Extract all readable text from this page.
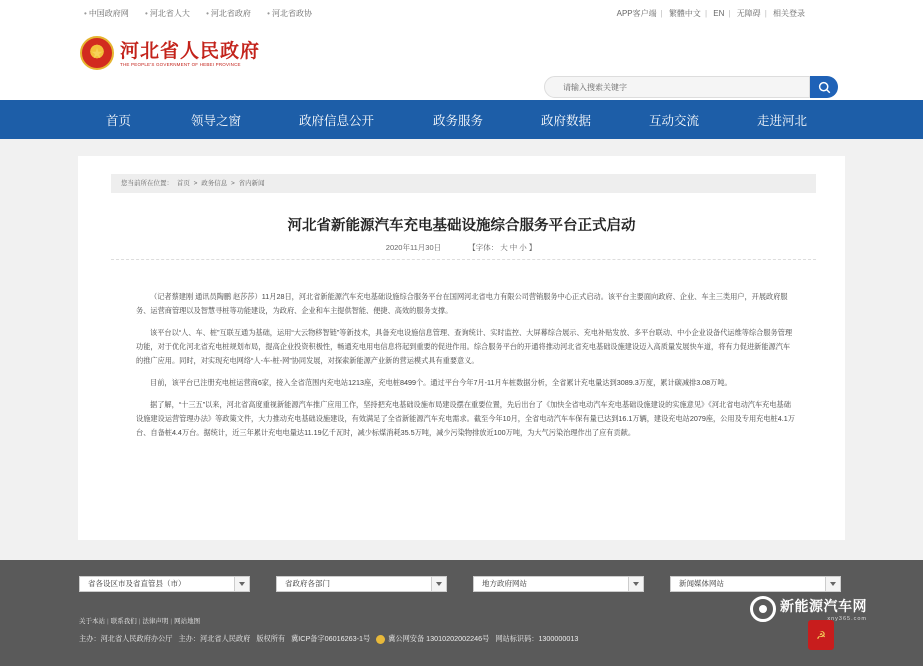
• 中国政府网	• 河北省人大	• 河北省政府	• 河北省政协	APP客户端 | 繁體中文 | EN | 无障碍 | 相关登录
★ 河北省人民政府
THE PEOPLE'S GOVERNMENT OF HEBEI PROVINCE
请输入搜索关键字
首页	领导之窗	政府信息公开	政务服务	政府数据	互动交流	走进河北
您当前所在位置： 首页 > 政务信息 > 省内新闻
河北省新能源汽车充电基础设施综合服务平台正式启动
2020年11月30日	【字体： 大 中 小 】

（记者蔡建刚 通讯员陶鹏 赵莎莎）11月28日，河北省新能源汽车充电基础设施综合服务平台在国网河北省电力有限公司营销服务中心正式启动。该平台主要面向政府、企业、车主三类用户，开展政府服务、运营商管理以及智慧寻桩等功能建设，为政府、企业和车主提供智能、便捷、高效的服务支撑。

该平台以“人、车、桩”互联互通为基础，运用“大云物移智链”等新技术，具备充电设施信息管理、查询统计、实时监控、大屏幕综合展示、充电补贴发放、多平台联动、中小企业设备代运维等综合服务管理功能，对于优化河北省充电桩规划布局，提高企业投资积极性，畅通充电用电信息将起到重要的促进作用。综合服务平台的开通将推动河北省充电基础设施建设迈入高质量发展快车道，将有力促进新能源汽车的推广应用。同时，对实现充电网络“人-车-桩-网”协同发展，对探索新能源产业新的营运模式具有重要意义。

目前，该平台已注册充电桩运营商6家，接入全省范围内充电站1213座，充电桩8499个。通过平台今年7月-11月车桩数据分析，全省累计充电量达到3089.3万度，累计碳减排3.08万吨。

据了解，“十三五”以来，河北省高度重视新能源汽车推广应用工作，坚持把充电基础设施布局建设摆在重要位置，先后出台了《加快全省电动汽车充电基础设施建设的实施意见》《河北省电动汽车充电基础设施建设运营管理办法》等政策文件，大力推动充电基础设施建设，有效满足了全省新能源汽车充电需求。截至今年10月，全省电动汽车车保有量已达到16.1万辆，建设充电站2079座，公用及专用充电桩4.1万台、自备桩4.4万台。据统计，近三年累计充电电量达11.19亿千瓦时，减少标煤消耗35.5万吨，减少污染物排放近100万吨，为大气污染治理作出了应有贡献。

省各设区市及省直管县（市）	省政府各部门	地方政府网站	新闻媒体网站
关于本站 | 联系我们 | 法律声明 | 网站地图
主办：河北省人民政府办公厅 主办：河北省人民政府 版权所有 冀ICP备字06016263-1号	冀公网安备 13010202002246号 网站标识码：1300000013	☭
新能源汽车网
xny365.com
